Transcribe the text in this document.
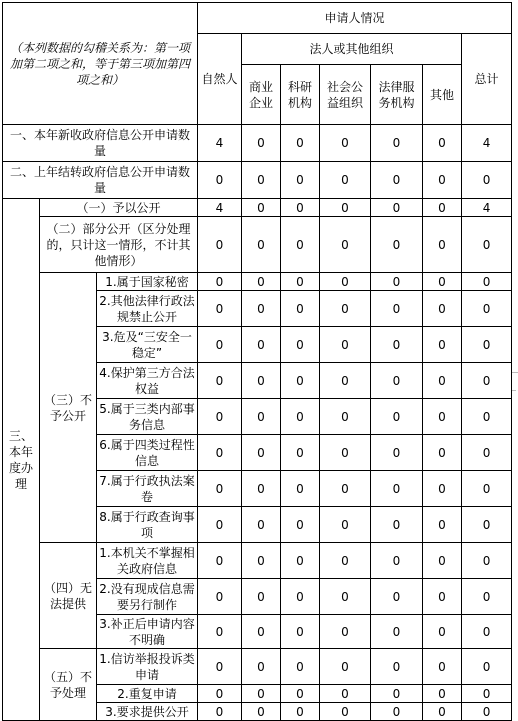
（本列数据的勾稽关系为：第一项加第二项之和，等于第三项加第四项之和）			申请人情况						
			自然人	法人或其他组织					总计
				商业企业	科研机构	社会公益组织	法律服务机构	其他	
一、本年新收政府信息公开申请数量			4	0	0	0	0	0	4
二、上年结转政府信息公开申请数量			0	0	0	0	0	0	0
三、本年度办理	（一）予以公开		4	0	0	0	0	0	4
	（二）部分公开（区分处理的，只计这一情形，不计其他情形）		0	0	0	0	0	0	0
	（三）不予公开	1.属于国家秘密	0	0	0	0	0	0	0
		2.其他法律行政法规禁止公开	0	0	0	0	0	0	0
		3.危及“三安全一稳定”	0	0	0	0	0	0	0
		4.保护第三方合法权益	0	0	0	0	0	0	0
		5.属于三类内部事务信息	0	0	0	0	0	0	0
		6.属于四类过程性信息	0	0	0	0	0	0	0
		7.属于行政执法案卷	0	0	0	0	0	0	0
		8.属于行政查询事项	0	0	0	0	0	0	0
	（四）无法提供	1.本机关不掌握相关政府信息	0	0	0	0	0	0	0
		2.没有现成信息需要另行制作	0	0	0	0	0	0	0
		3.补正后申请内容不明确	0	0	0	0	0	0	0
	（五）不予处理	1.信访举报投诉类申请	0	0	0	0	0	0	0
		2.重复申请	0	0	0	0	0	0	0
		3.要求提供公开	0	0	0	0	0	0	0
